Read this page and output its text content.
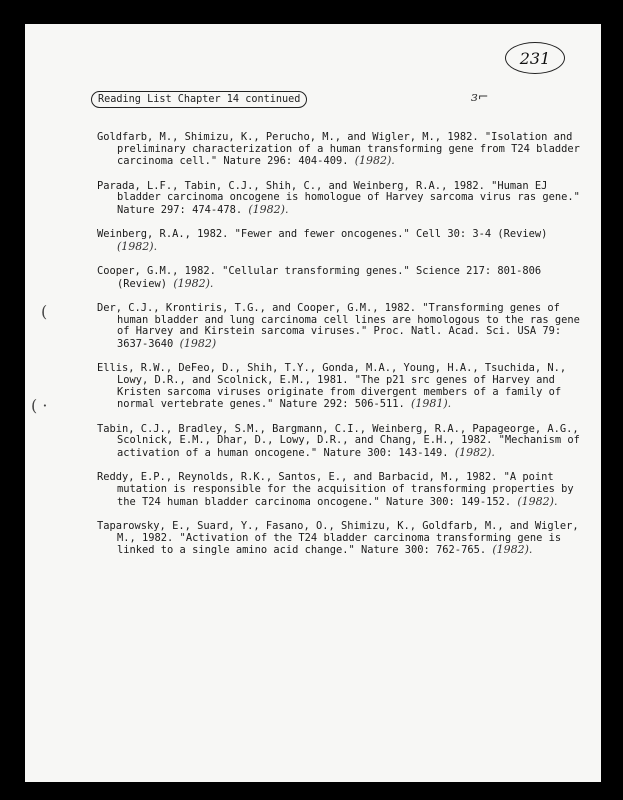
231
Reading List Chapter 14 continued	ɜ⌐
(
( ·

Goldfarb, M., Shimizu, K., Perucho, M., and Wigler, M., 1982. "Isolation and preliminary characterization of a human transforming gene from T24 bladder carcinoma cell." Nature 296: 404-409. (1982).

Parada, L.F., Tabin, C.J., Shih, C., and Weinberg, R.A., 1982. "Human EJ bladder carcinoma oncogene is homologue of Harvey sarcoma virus ras gene." Nature 297: 474-478. (1982).

Weinberg, R.A., 1982. "Fewer and fewer oncogenes." Cell 30: 3-4 (Review) (1982).

Cooper, G.M., 1982. "Cellular transforming genes." Science 217: 801-806 (Review) (1982).

Der, C.J., Krontiris, T.G., and Cooper, G.M., 1982. "Transforming genes of human bladder and lung carcinoma cell lines are homologous to the ras gene of Harvey and Kirstein sarcoma viruses." Proc. Natl. Acad. Sci. USA 79: 3637-3640 (1982)

Ellis, R.W., DeFeo, D., Shih, T.Y., Gonda, M.A., Young, H.A., Tsuchida, N., Lowy, D.R., and Scolnick, E.M., 1981. "The p21 src genes of Harvey and Kristen sarcoma viruses originate from divergent members of a family of normal vertebrate genes." Nature 292: 506-511. (1981).

Tabin, C.J., Bradley, S.M., Bargmann, C.I., Weinberg, R.A., Papageorge, A.G., Scolnick, E.M., Dhar, D., Lowy, D.R., and Chang, E.H., 1982. "Mechanism of activation of a human oncogene." Nature 300: 143-149. (1982).

Reddy, E.P., Reynolds, R.K., Santos, E., and Barbacid, M., 1982. "A point mutation is responsible for the acquisition of transforming properties by the T24 human bladder carcinoma oncogene." Nature 300: 149-152. (1982).

Taparowsky, E., Suard, Y., Fasano, O., Shimizu, K., Goldfarb, M., and Wigler, M., 1982. "Activation of the T24 bladder carcinoma transforming gene is linked to a single amino acid change." Nature 300: 762-765. (1982).
